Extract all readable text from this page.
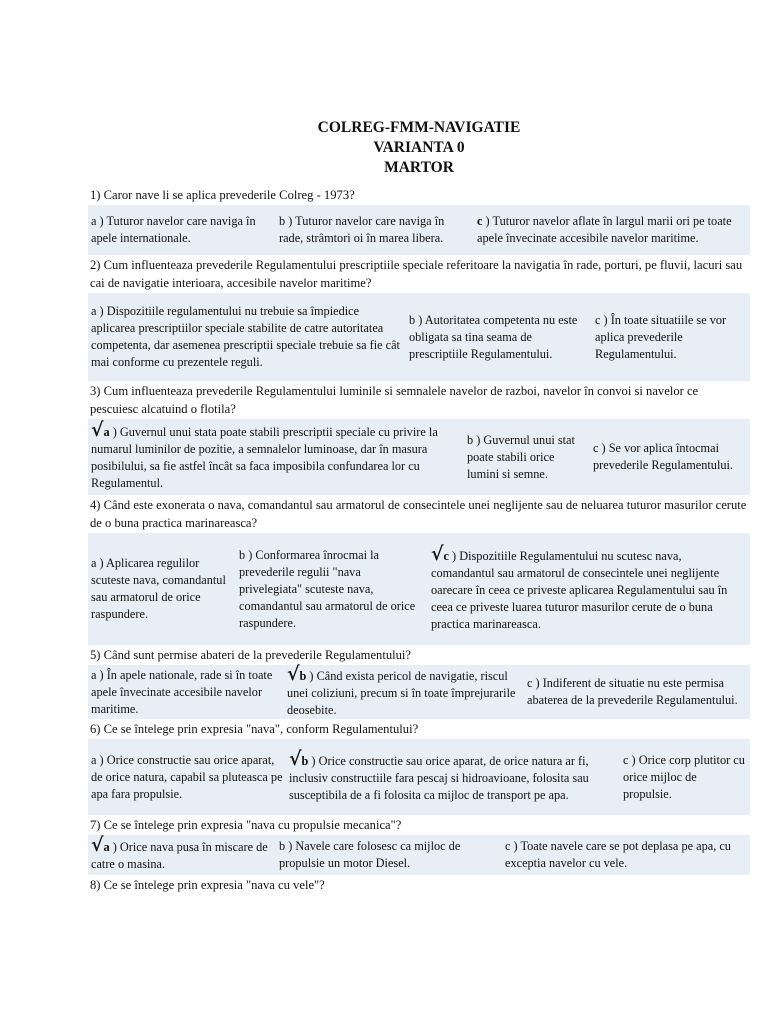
COLREG-FMM-NAVIGATIE

VARIANTA 0

MARTOR

1) Caror nave li se aplica prevederile Colreg - 1973?

a ) Tuturor navelor care naviga în apele internationale.
b ) Tuturor navelor care naviga în rade, strâmtori oi în marea libera.
c ) Tuturor navelor aflate în largul marii ori pe toate apele învecinate accesibile navelor maritime.

2) Cum influenteaza prevederile Regulamentului prescriptiile speciale referitoare la navigatia în rade, porturi, pe fluvii, lacuri sau cai de navigatie interioara, accesibile navelor maritime?

a ) Dispozitiile regulamentului nu trebuie sa împiedice aplicarea prescriptiilor speciale stabilite de catre autoritatea competenta, dar asemenea prescriptii speciale trebuie sa fie cât mai conforme cu prezentele reguli.
b ) Autoritatea competenta nu este obligata sa tina seama de prescriptiile Regulamentului.
c ) În toate situatiile se vor aplica prevederile Regulamentului.

3) Cum influenteaza prevederile Regulamentului luminile si semnalele navelor de razboi, navelor în convoi si navelor ce pescuiesc alcatuind o flotila?

√a ) Guvernul unui stata poate stabili prescriptii speciale cu privire la numarul luminilor de pozitie, a semnalelor luminoase, dar în masura posibilului, sa fie astfel încât sa faca imposibila confundarea lor cu Regulamentul.
b ) Guvernul unui stat poate stabili orice lumini si semne.
c ) Se vor aplica întocmai prevederile Regulamentului.

4) Când este exonerata o nava, comandantul sau armatorul de consecintele unei neglijente sau de neluarea tuturor masurilor cerute de o buna practica marinareasca?

a ) Aplicarea regulilor scuteste nava, comandantul sau armatorul de orice raspundere.
b ) Conformarea înrocmai la prevederile regulii "nava privelegiata" scuteste nava, comandantul sau armatorul de orice raspundere.
√c ) Dispozitiile Regulamentului nu scutesc nava, comandantul sau armatorul de consecintele unei neglijente oarecare în ceea ce priveste aplicarea Regulamentului sau în ceea ce priveste luarea tuturor masurilor cerute de o buna practica marinareasca.

5) Când sunt permise abateri de la prevederile Regulamentului?

a ) În apele nationale, rade si în toate apele învecinate accesibile navelor maritime.
√b ) Când exista pericol de navigatie, riscul unei coliziuni, precum si în toate împrejurarile deosebite.
c ) Indiferent de situatie nu este permisa abaterea de la prevederile Regulamentului.

6) Ce se întelege prin expresia "nava", conform Regulamentului?

a ) Orice constructie sau orice aparat, de orice natura, capabil sa pluteasca pe apa fara propulsie.
√b ) Orice constructie sau orice aparat, de orice natura ar fi, inclusiv constructiile fara pescaj si hidroavioane, folosita sau susceptibila de a fi folosita ca mijloc de transport pe apa.
c ) Orice corp plutitor cu orice mijloc de propulsie.

7) Ce se întelege prin expresia "nava cu propulsie mecanica"?

√a ) Orice nava pusa în miscare de catre o masina.
b ) Navele care folosesc ca mijloc de propulsie un motor Diesel.
c ) Toate navele care se pot deplasa pe apa, cu exceptia navelor cu vele.

8) Ce se întelege prin expresia "nava cu vele"?
